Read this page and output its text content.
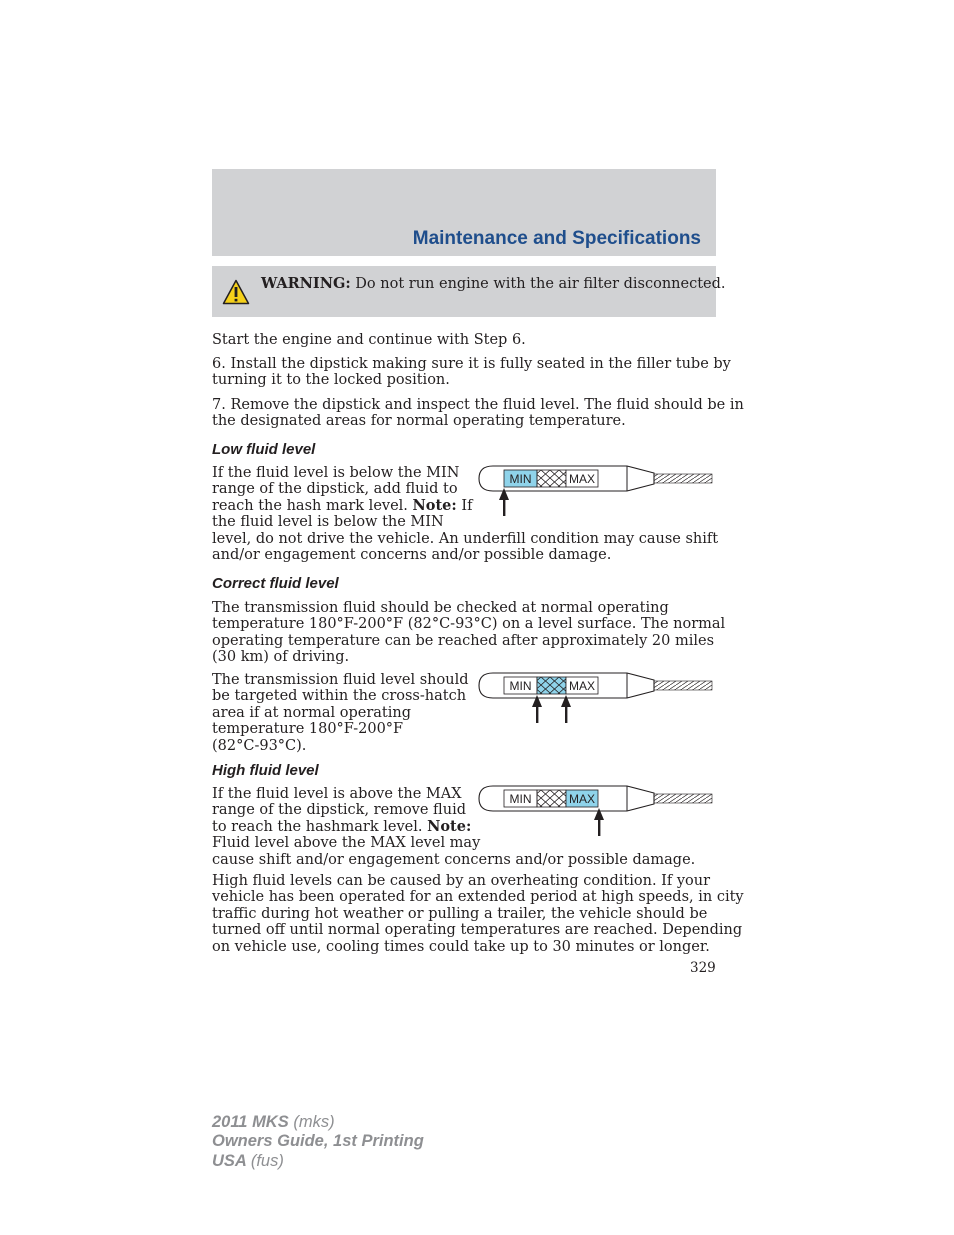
Maintenance and Specifications
WARNING: Do not run engine with the air filter disconnected.

Start the engine and continue with Step 6.

6. Install the dipstick making sure it is fully seated in the filler tube by
turning it to the locked position.

7. Remove the dipstick and inspect the fluid level. The fluid should be in
the designated areas for normal operating temperature.

Low fluid level

If the fluid level is below the MIN
range of the dipstick, add fluid to
reach the hash mark level. Note: If
the fluid level is below the MIN
level, do not drive the vehicle. An underfill condition may cause shift
and/or engagement concerns and/or possible damage.

MIN	MAX
Correct fluid level

The transmission fluid should be checked at normal operating
temperature 180°F-200°F (82°C-93°C) on a level surface. The normal
operating temperature can be reached after approximately 20 miles
(30 km) of driving.

The transmission fluid level should
be targeted within the cross-hatch
area if at normal operating
temperature 180°F-200°F
(82°C-93°C).

MIN	MAX
High fluid level

If the fluid level is above the MAX
range of the dipstick, remove fluid
to reach the hashmark level. Note:
Fluid level above the MAX level may
cause shift and/or engagement concerns and/or possible damage.

MIN	MAX

High fluid levels can be caused by an overheating condition. If your
vehicle has been operated for an extended period at high speeds, in city
traffic during hot weather or pulling a trailer, the vehicle should be
turned off until normal operating temperatures are reached. Depending
on vehicle use, cooling times could take up to 30 minutes or longer.

329
2011 MKS (mks)
Owners Guide, 1st Printing
USA (fus)
